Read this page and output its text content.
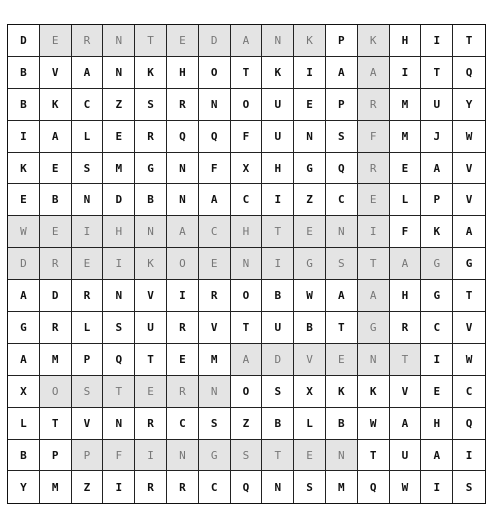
D	E	R	N	T	E	D	A	N	K	P	K	H	I	T
B	V	A	N	K	H	O	T	K	I	A	A	I	T	Q
B	K	C	Z	S	R	N	O	U	E	P	R	M	U	Y
I	A	L	E	R	Q	Q	F	U	N	S	F	M	J	W
K	E	S	M	G	N	F	X	H	G	Q	R	E	A	V
E	B	N	D	B	N	A	C	I	Z	C	E	L	P	V
W	E	I	H	N	A	C	H	T	E	N	I	F	K	A
D	R	E	I	K	O	E	N	I	G	S	T	A	G	G
A	D	R	N	V	I	R	O	B	W	A	A	H	G	T
G	R	L	S	U	R	V	T	U	B	T	G	R	C	V
A	M	P	Q	T	E	M	A	D	V	E	N	T	I	W
X	O	S	T	E	R	N	O	S	X	K	K	V	E	C
L	T	V	N	R	C	S	Z	B	L	B	W	A	H	Q
B	P	P	F	I	N	G	S	T	E	N	T	U	A	I
Y	M	Z	I	R	R	C	Q	N	S	M	Q	W	I	S
